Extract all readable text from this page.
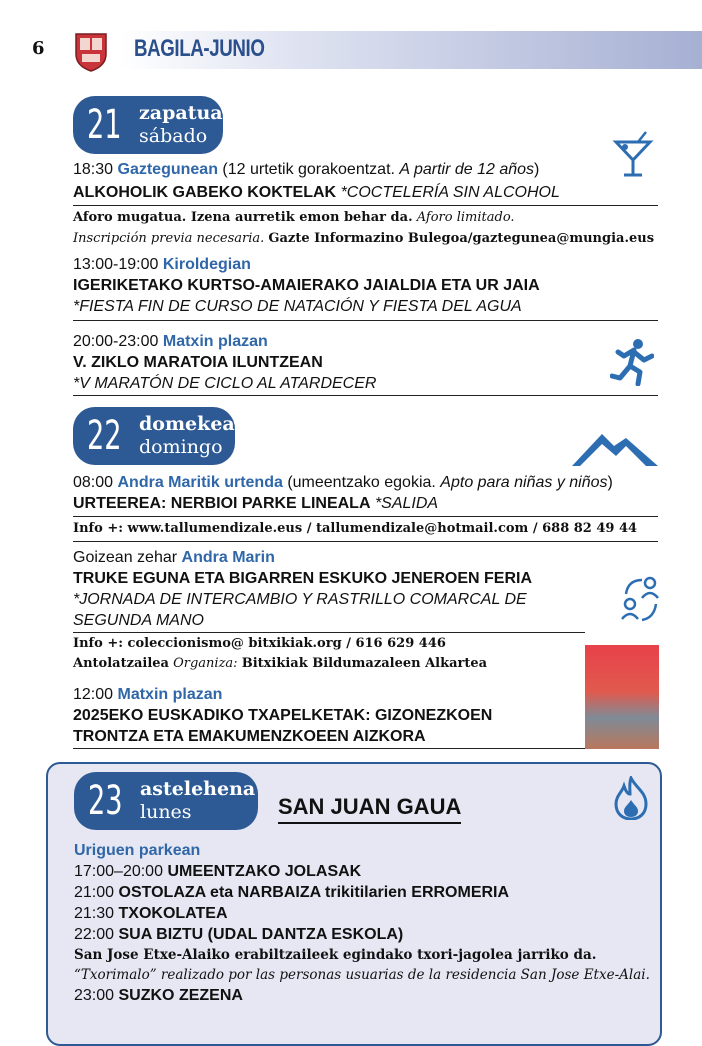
6	BAGILA-JUNIO
21 zapatua
sábado
18:30 Gaztegunean (12 urtetik gorakoentzat. A partir de 12 años)
ALKOHOLIK GABEKO KOKTELAK *COCTELERÍA SIN ALCOHOL
Aforo mugatua. Izena aurretik emon behar da. Aforo limitado.
Inscripción previa necesaria. Gazte Informazino Bulegoa/gaztegunea@mungia.eus
13:00-19:00 Kiroldegian
IGERIKETAKO KURTSO-AMAIERAKO JAIALDIA ETA UR JAIA
*FIESTA FIN DE CURSO DE NATACIÓN Y FIESTA DEL AGUA
20:00-23:00 Matxin plazan
V. ZIKLO MARATOIA ILUNTZEAN
*V MARATÓN DE CICLO AL ATARDECER
22 domekea
domingo
08:00 Andra Maritik urtenda (umeentzako egokia. Apto para niñas y niños)
URTEEREA: NERBIOI PARKE LINEALA *SALIDA
Info +: www.tallumendizale.eus / tallumendizale@hotmail.com / 688 82 49 44
Goizean zehar Andra Marin
TRUKE EGUNA ETA BIGARREN ESKUKO JENEROEN FERIA
*JORNADA DE INTERCAMBIO Y RASTRILLO COMARCAL DE
SEGUNDA MANO
Info +: coleccionismo@ bitxikiak.org / 616 629 446
Antolatzailea Organiza: Bitxikiak Bildumazaleen Alkartea
12:00 Matxin plazan
2025EKO EUSKADIKO TXAPELKETAK: GIZONEZKOEN
TRONTZA ETA EMAKUMENZKOEEN AIZKORA
23 astelehena
lunes	SAN JUAN GAUA
Uriguen parkean
17:00–20:00 UMEENTZAKO JOLASAK
21:00 OSTOLAZA eta NARBAIZA trikitilarien ERROMERIA
21:30 TXOKOLATEA
22:00 SUA BIZTU (UDAL DANTZA ESKOLA)
San Jose Etxe-Alaiko erabiltzaileek egindako txori-jagolea jarriko da.
“Txorimalo” realizado por las personas usuarias de la residencia San Jose Etxe-Alai.
23:00 SUZKO ZEZENA
